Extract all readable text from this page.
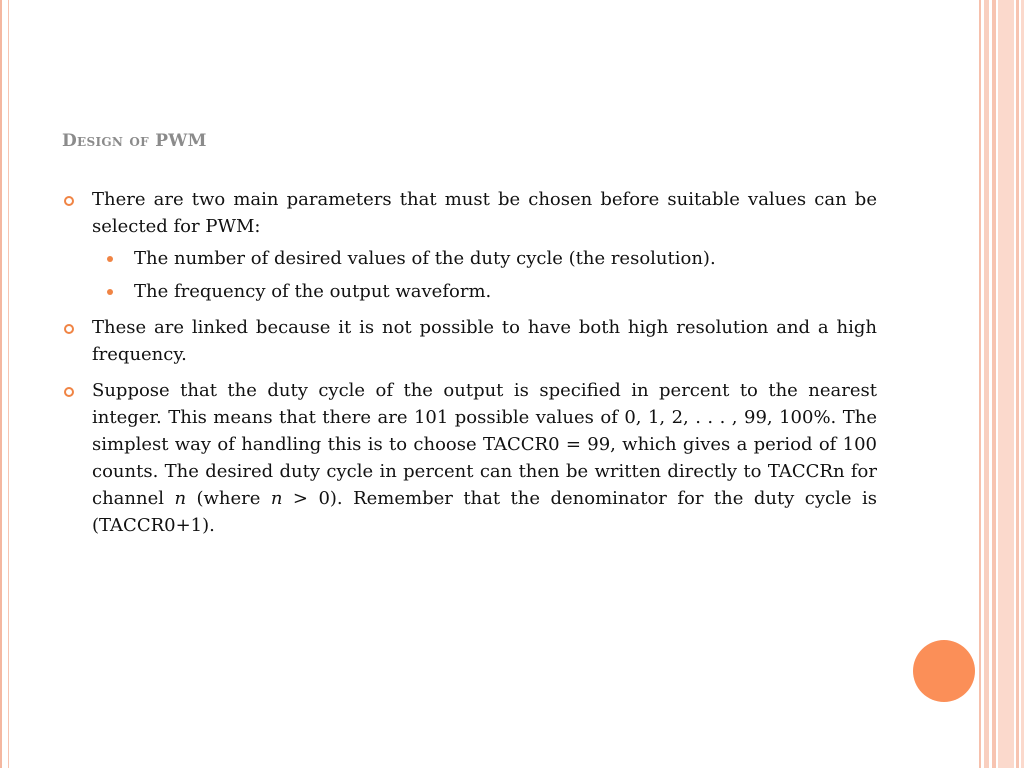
Design of PWM
There are two main parameters that must be chosen before suitable values can be selected for PWM:
The number of desired values of the duty cycle (the resolution).
The frequency of the output waveform.
These are linked because it is not possible to have both high resolution and a high frequency.
Suppose that the duty cycle of the output is specified in percent to the nearest integer. This means that there are 101 possible values of 0, 1, 2, . . . , 99, 100%. The simplest way of handling this is to choose TACCR0 = 99, which gives a period of 100 counts. The desired duty cycle in percent can then be written directly to TACCRn for channel n (where n > 0). Remember that the denominator for the duty cycle is (TACCR0+1).
